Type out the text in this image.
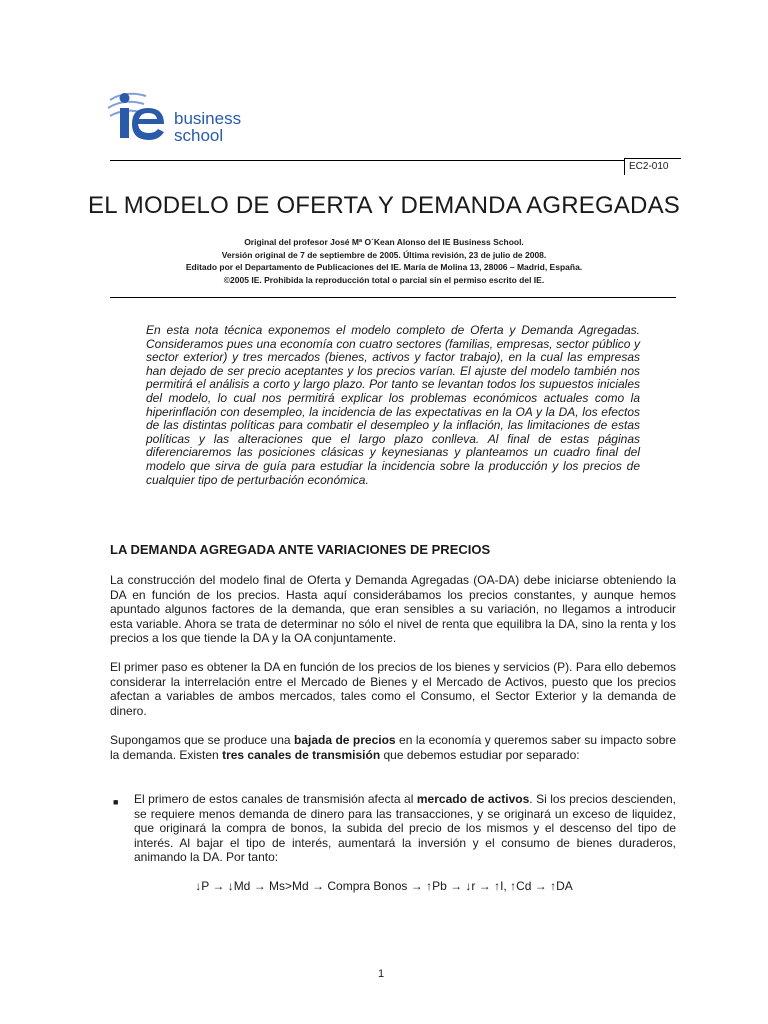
business
school
EC2-010
EL MODELO DE OFERTA Y DEMANDA AGREGADAS
Original del profesor José Mª O´Kean Alonso del IE Business School.
Versión original de 7 de septiembre de 2005. Última revisión, 23 de julio de 2008.
Editado por el Departamento de Publicaciones del IE. María de Molina 13, 28006 – Madrid, España.
©2005 IE. Prohibida la reproducción total o parcial sin el permiso escrito del IE.
En esta nota técnica exponemos el modelo completo de Oferta y Demanda Agregadas. Consideramos pues una economía con cuatro sectores (familias, empresas, sector público y sector exterior) y tres mercados (bienes, activos y factor trabajo), en la cual las empresas han dejado de ser precio aceptantes y los precios varían. El ajuste del modelo también nos permitirá el análisis a corto y largo plazo. Por tanto se levantan todos los supuestos iniciales del modelo, lo cual nos permitirá explicar los problemas económicos actuales como la hiperinflación con desempleo, la incidencia de las expectativas en la OA y la DA, los efectos de las distintas políticas para combatir el desempleo y la inflación, las limitaciones de estas políticas y las alteraciones que el largo plazo conlleva. Al final de estas páginas diferenciaremos las posiciones clásicas y keynesianas y planteamos un cuadro final del modelo que sirva de guía para estudiar la incidencia sobre la producción y los precios de cualquier tipo de perturbación económica.
LA DEMANDA AGREGADA ANTE VARIACIONES DE PRECIOS
La construcción del modelo final de Oferta y Demanda Agregadas (OA-DA) debe iniciarse obteniendo la DA en función de los precios. Hasta aquí considerábamos los precios constantes, y aunque hemos apuntado algunos factores de la demanda, que eran sensibles a su variación, no llegamos a introducir esta variable. Ahora se trata de determinar no sólo el nivel de renta que equilibra la DA, sino la renta y los precios a los que tiende la DA y la OA conjuntamente.
El primer paso es obtener la DA en función de los precios de los bienes y servicios (P). Para ello debemos considerar la interrelación entre el Mercado de Bienes y el Mercado de Activos, puesto que los precios afectan a variables de ambos mercados, tales como el Consumo, el Sector Exterior y la demanda de dinero.
Supongamos que se produce una bajada de precios en la economía y queremos saber su impacto sobre la demanda. Existen tres canales de transmisión que debemos estudiar por separado:
■ El primero de estos canales de transmisión afecta al mercado de activos. Si los precios descienden, se requiere menos demanda de dinero para las transacciones, y se originará un exceso de liquidez, que originará la compra de bonos, la subida del precio de los mismos y el descenso del tipo de interés. Al bajar el tipo de interés, aumentará la inversión y el consumo de bienes duraderos, animando la DA. Por tanto:
↓P → ↓Md → Ms>Md → Compra Bonos → ↑Pb → ↓r → ↑I, ↑Cd → ↑DA
1
